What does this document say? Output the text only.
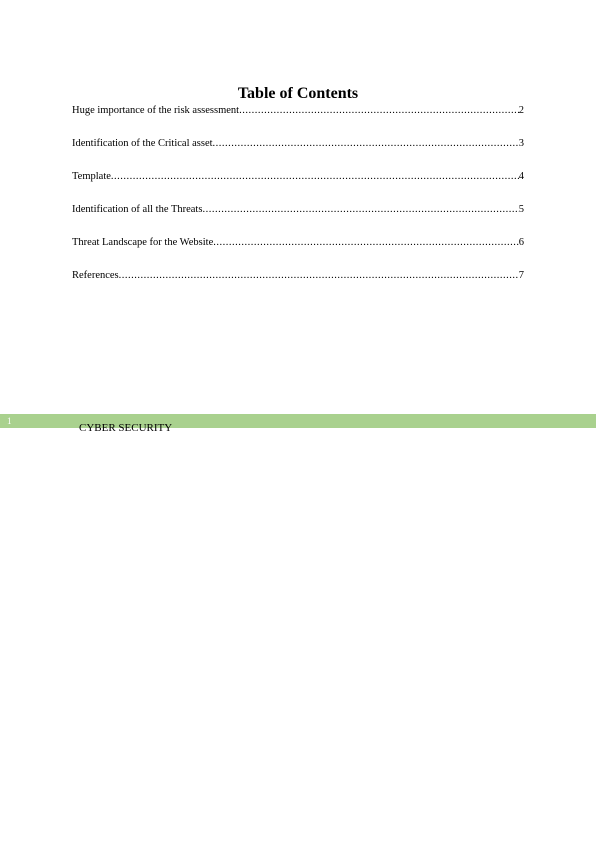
Table of Contents
Huge importance of the risk assessment .....	2
Identification of the Critical asset .....	3
Template .....	4
Identification of all the Threats .....	5
Threat Landscape for the Website .....	6
References .....	7
1
CYBER SECURITY
